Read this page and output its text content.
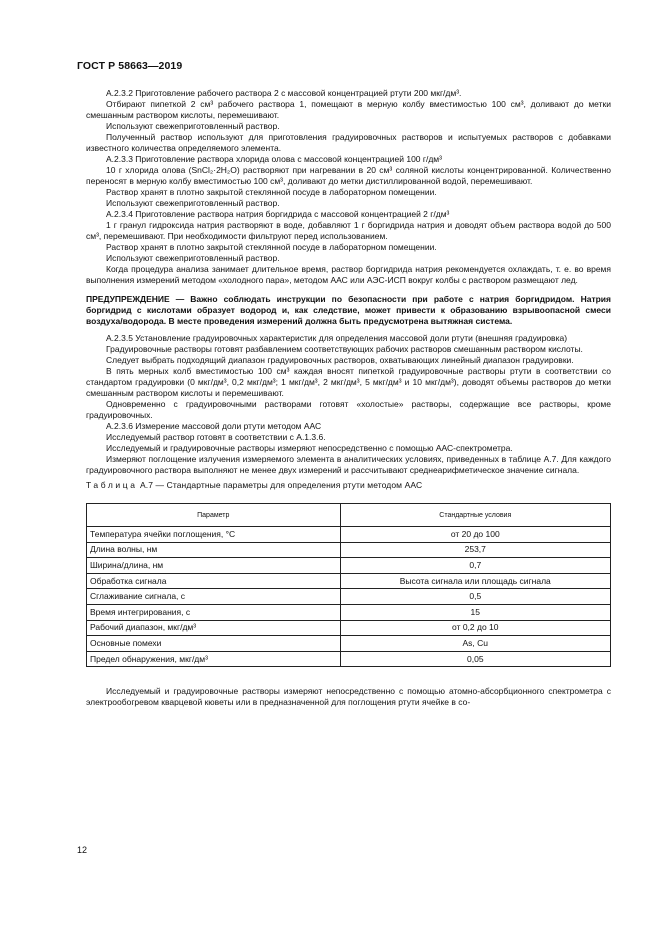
ГОСТ Р 58663—2019

А.2.3.2 Приготовление рабочего раствора 2 с массовой концентрацией ртути 200 мкг/дм³.

Отбирают пипеткой 2 см³ рабочего раствора 1, помещают в мерную колбу вместимостью 100 см³, доливают до метки смешанным раствором кислоты, перемешивают.

Используют свежеприготовленный раствор.

Полученный раствор используют для приготовления градуировочных растворов и испытуемых растворов с добавками известного количества определяемого элемента.

А.2.3.3 Приготовление раствора хлорида олова с массовой концентрацией 100 г/дм³

10 г хлорида олова (SnCl₂·2H₂O) растворяют при нагревании в 20 см³ соляной кислоты концентрированной. Количественно переносят в мерную колбу вместимостью 100 см³, доливают до метки дистиллированной водой, перемешивают.

Раствор хранят в плотно закрытой стеклянной посуде в лабораторном помещении.

Используют свежеприготовленный раствор.

А.2.3.4 Приготовление раствора натрия боргидрида с массовой концентрацией 2 г/дм³

1 г гранул гидроксида натрия растворяют в воде, добавляют 1 г боргидрида натрия и доводят объем раствора водой до 500 см³, перемешивают. При необходимости фильтруют перед использованием.

Раствор хранят в плотно закрытой стеклянной посуде в лабораторном помещении.

Используют свежеприготовленный раствор.

Когда процедура анализа занимает длительное время, раствор боргидрида натрия рекомендуется охлаждать, т. е. во время выполнения измерений методом «холодного пара», методом ААС или АЭС-ИСП вокруг колбы с раствором размещают лед.

ПРЕДУПРЕЖДЕНИЕ — Важно соблюдать инструкции по безопасности при работе с натрия боргидридом. Натрия боргидрид с кислотами образует водород и, как следствие, может привести к образованию взрывоопасной смеси воздуха/водорода. В месте проведения измерений должна быть предусмотрена вытяжная система.

А.2.3.5 Установление градуировочных характеристик для определения массовой доли ртути (внешняя градуировка)

Градуировочные растворы готовят разбавлением соответствующих рабочих растворов смешанным раствором кислоты.

Следует выбрать подходящий диапазон градуировочных растворов, охватывающих линейный диапазон градуировки.

В пять мерных колб вместимостью 100 см³ каждая вносят пипеткой градуировочные растворы ртути в соответствии со стандартом градуировки (0 мкг/дм³, 0,2 мкг/дм³; 1 мкг/дм³, 2 мкг/дм³, 5 мкг/дм³ и 10 мкг/дм³), доводят объемы растворов до метки смешанным раствором кислоты и перемешивают.

Одновременно с градуировочными растворами готовят «холостые» растворы, содержащие все растворы, кроме градуировочных.

А.2.3.6 Измерение массовой доли ртути методом ААС

Исследуемый раствор готовят в соответствии с А.1.3.6.

Исследуемый и градуировочные растворы измеряют непосредственно с помощью ААС-спектрометра.

Измеряют поглощение излучения измеряемого элемента в аналитических условиях, приведенных в таблице А.7. Для каждого градуировочного раствора выполняют не менее двух измерений и рассчитывают среднеарифметическое значение сигнала.

Таблица А.7 — Стандартные параметры для определения ртути методом ААС

Параметр	Стандартные условия
Температура ячейки поглощения, °С	от 20 до 100
Длина волны, нм	253,7
Ширина/длина, нм	0,7
Обработка сигнала	Высота сигнала или площадь сигнала
Сглаживание сигнала, с	0,5
Время интегрирования, с	15
Рабочий диапазон, мкг/дм³	от 0,2 до 10
Основные помехи	As, Cu
Предел обнаружения, мкг/дм³	0,05

Исследуемый и градуировочные растворы измеряют непосредственно с помощью атомно-абсорбционного спектрометра с электрообогревом кварцевой кюветы или в предназначенной для поглощения ртути ячейке в со-

12
